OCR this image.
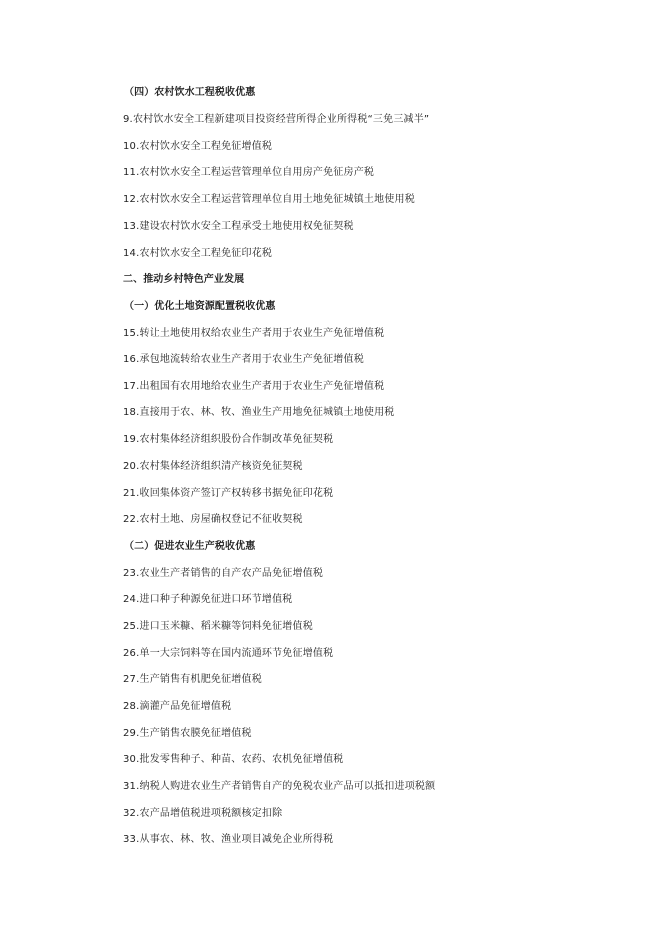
（四）农村饮水工程税收优惠
9.农村饮水安全工程新建项目投资经营所得企业所得税“三免三减半”
10.农村饮水安全工程免征增值税
11.农村饮水安全工程运营管理单位自用房产免征房产税
12.农村饮水安全工程运营管理单位自用土地免征城镇土地使用税
13.建设农村饮水安全工程承受土地使用权免征契税
14.农村饮水安全工程免征印花税
二、推动乡村特色产业发展
（一）优化土地资源配置税收优惠
15.转让土地使用权给农业生产者用于农业生产免征增值税
16.承包地流转给农业生产者用于农业生产免征增值税
17.出租国有农用地给农业生产者用于农业生产免征增值税
18.直接用于农、林、牧、渔业生产用地免征城镇土地使用税
19.农村集体经济组织股份合作制改革免征契税
20.农村集体经济组织清产核资免征契税
21.收回集体资产签订产权转移书据免征印花税
22.农村土地、房屋确权登记不征收契税
（二）促进农业生产税收优惠
23.农业生产者销售的自产农产品免征增值税
24.进口种子种源免征进口环节增值税
25.进口玉米糠、稻米糠等饲料免征增值税
26.单一大宗饲料等在国内流通环节免征增值税
27.生产销售有机肥免征增值税
28.滴灌产品免征增值税
29.生产销售农膜免征增值税
30.批发零售种子、种苗、农药、农机免征增值税
31.纳税人购进农业生产者销售自产的免税农业产品可以抵扣进项税额
32.农产品增值税进项税额核定扣除
33.从事农、林、牧、渔业项目减免企业所得税
